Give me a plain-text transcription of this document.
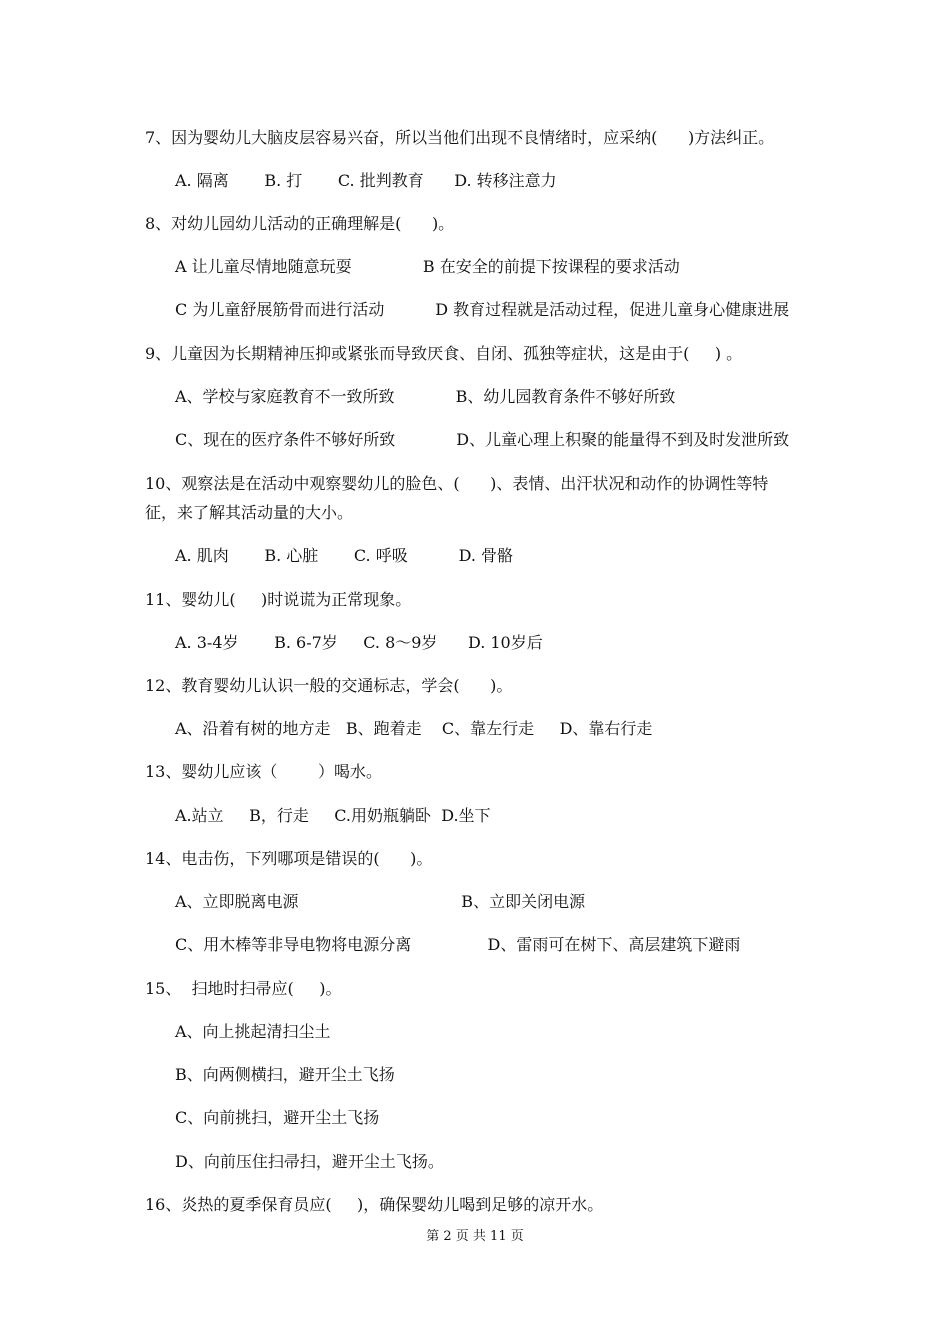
7、因为婴幼儿大脑皮层容易兴奋，所以当他们出现不良情绪时，应采纳(      )方法纠正。
A. 隔离       B. 打       C. 批判教育      D. 转移注意力
8、对幼儿园幼儿活动的正确理解是(      )。
A 让儿童尽情地随意玩耍              B 在安全的前提下按课程的要求活动
C 为儿童舒展筋骨而进行活动          D 教育过程就是活动过程，促进儿童身心健康进展
9、儿童因为长期精神压抑或紧张而导致厌食、自闭、孤独等症状，这是由于(     ) 。
A、学校与家庭教育不一致所致            B、幼儿园教育条件不够好所致
C、现在的医疗条件不够好所致            D、儿童心理上积聚的能量得不到及时发泄所致
10、观察法是在活动中观察婴幼儿的脸色、(      )、表情、出汗状况和动作的协调性等特
征，来了解其活动量的大小。
A. 肌肉       B. 心脏       C. 呼吸          D. 骨骼
11、婴幼儿(     )时说谎为正常现象。
A. 3-4岁       B. 6-7岁     C. 8～9岁      D. 10岁后
12、教育婴幼儿认识一般的交通标志，学会(      )。
A、沿着有树的地方走   B、跑着走    C、靠左行走     D、靠右行走
13、婴幼儿应该（        ）喝水。
A.站立     B，行走     C.用奶瓶躺卧  D.坐下
14、电击伤，下列哪项是错误的(      )。
A、立即脱离电源                                B、立即关闭电源
C、用木棒等非导电物将电源分离               D、雷雨可在树下、高层建筑下避雨
15、  扫地时扫帚应(     )。
A、向上挑起清扫尘土
B、向两侧横扫，避开尘土飞扬
C、向前挑扫，避开尘土飞扬
D、向前压住扫帚扫，避开尘土飞扬。
16、炎热的夏季保育员应(     )，确保婴幼儿喝到足够的凉开水。
第 2 页 共 11 页
